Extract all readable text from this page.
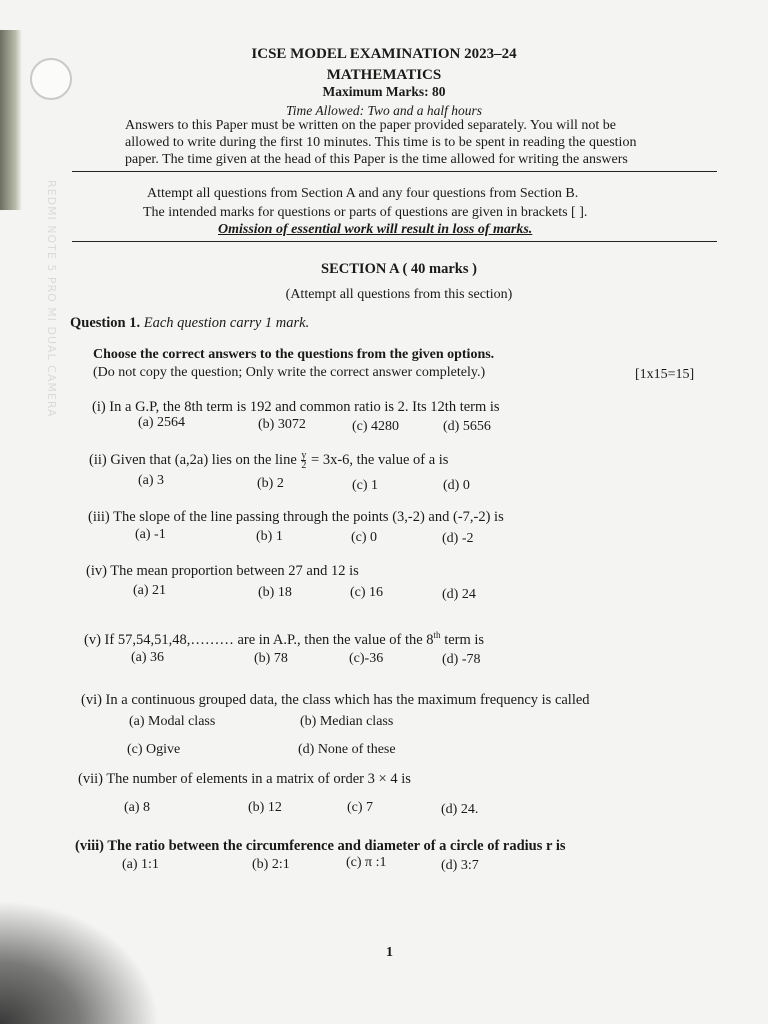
REDMI NOTE 5 PRO MI DUAL CAMERA
ICSE MODEL EXAMINATION 2023–24
MATHEMATICS
Maximum Marks: 80
Time Allowed: Two and a half hours
Answers to this Paper must be written on the paper provided separately. You will not be
allowed to write during the first 10 minutes. This time is to be spent in reading the question
paper. The time given at the head of this Paper is the time allowed for writing the answers
Attempt all questions from Section A and any four questions from Section B.
The intended marks for questions or parts of questions are given in brackets [ ].
Omission of essential work will result in loss of marks.
SECTION A ( 40 marks )
(Attempt all questions from this section)
Question 1. Each question carry 1 mark.
Choose the correct answers to the questions from the given options.
(Do not copy the question; Only write the correct answer completely.)	[1x15=15]
(i) In a G.P, the 8th term is 192 and common ratio is 2. Its 12th term is
(a) 2564	(b) 3072	(c) 4280	(d) 5656
(ii) Given that (a,2a) lies on the line $\frac{y}{2} = 3x-6$, the value of a is
(a) 3	(b) 2	(c) 1	(d) 0
(iii) The slope of the line passing through the points (3,-2) and (-7,-2) is
(a) -1	(b) 1	(c) 0	(d) -2
(iv) The mean proportion between 27 and 12 is
(a) 21	(b) 18	(c) 16	(d) 24
(v) If 57,54,51,48,……… are in A.P., then the value of the 8th term is
(a) 36	(b) 78	(c)-36	(d) -78
(vi) In a continuous grouped data, the class which has the maximum frequency is called
(a) Modal class	(b) Median class
(c) Ogive	(d) None of these
(vii) The number of elements in a matrix of order 3 × 4 is
(a) 8	(b) 12	(c) 7	(d) 24.
(viii) The ratio between the circumference and diameter of a circle of radius r is
(a) 1:1	(b) 2:1	(c) π :1	(d) 3:7
1
